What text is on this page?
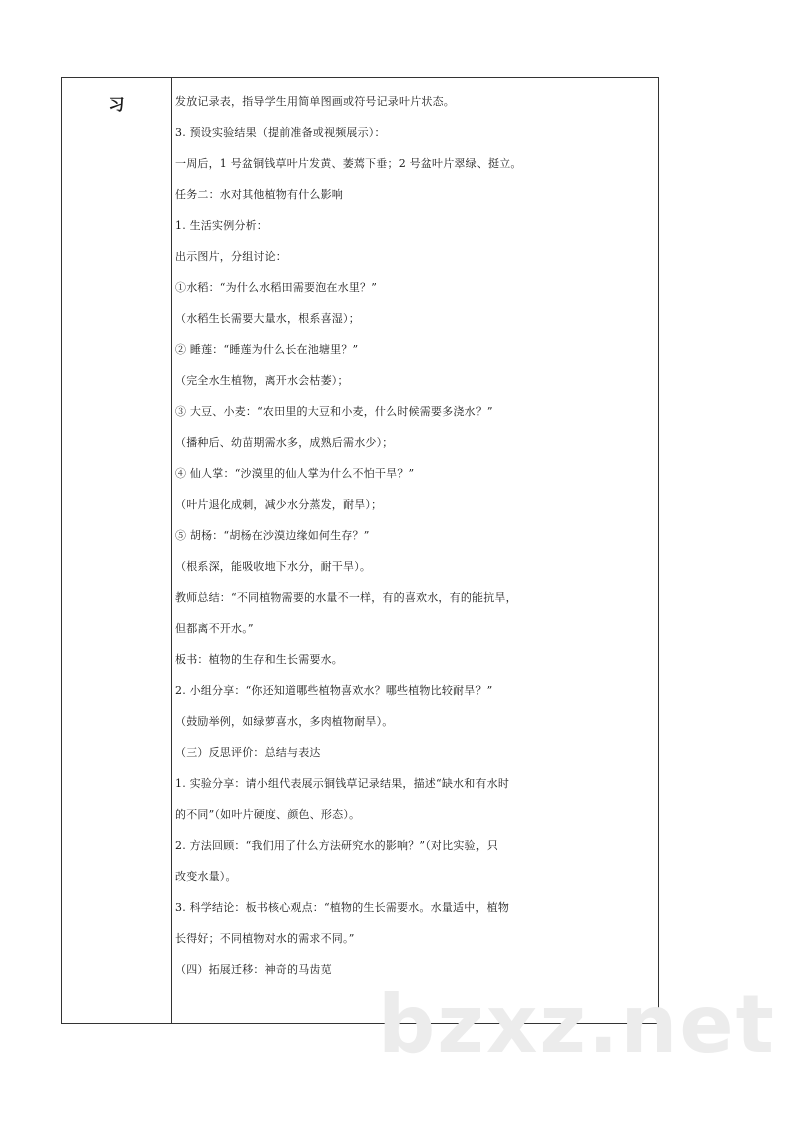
习	发放记录表，指导学生用简单图画或符号记录叶片状态。
3. 预设实验结果（提前准备或视频展示）：
一周后，1 号盆铜钱草叶片发黄、萎蔫下垂；2 号盆叶片翠绿、挺立。
任务二：水对其他植物有什么影响
1. 生活实例分析：
出示图片，分组讨论：
①水稻：“为什么水稻田需要泡在水里？”
（水稻生长需要大量水，根系喜湿）；
② 睡莲：“睡莲为什么长在池塘里？”
（完全水生植物，离开水会枯萎）；
③ 大豆、小麦：“农田里的大豆和小麦，什么时候需要多浇水？”
（播种后、幼苗期需水多，成熟后需水少）；
④ 仙人掌：“沙漠里的仙人掌为什么不怕干旱？”
（叶片退化成刺，减少水分蒸发，耐旱）；
⑤ 胡杨：“胡杨在沙漠边缘如何生存？”
（根系深，能吸收地下水分，耐干旱）。
教师总结：“不同植物需要的水量不一样，有的喜欢水，有的能抗旱，
但都离不开水。”
板书：植物的生存和生长需要水。
2. 小组分享：“你还知道哪些植物喜欢水？哪些植物比较耐旱？”
（鼓励举例，如绿萝喜水，多肉植物耐旱）。
（三）反思评价：总结与表达
1. 实验分享：请小组代表展示铜钱草记录结果，描述“缺水和有水时
的不同”（如叶片硬度、颜色、形态）。
2. 方法回顾：“我们用了什么方法研究水的影响？”（对比实验，只
改变水量）。
3. 科学结论：板书核心观点：“植物的生长需要水。水量适中，植物
长得好；不同植物对水的需求不同。”
（四）拓展迁移：神奇的马齿苋
bzxz.net
